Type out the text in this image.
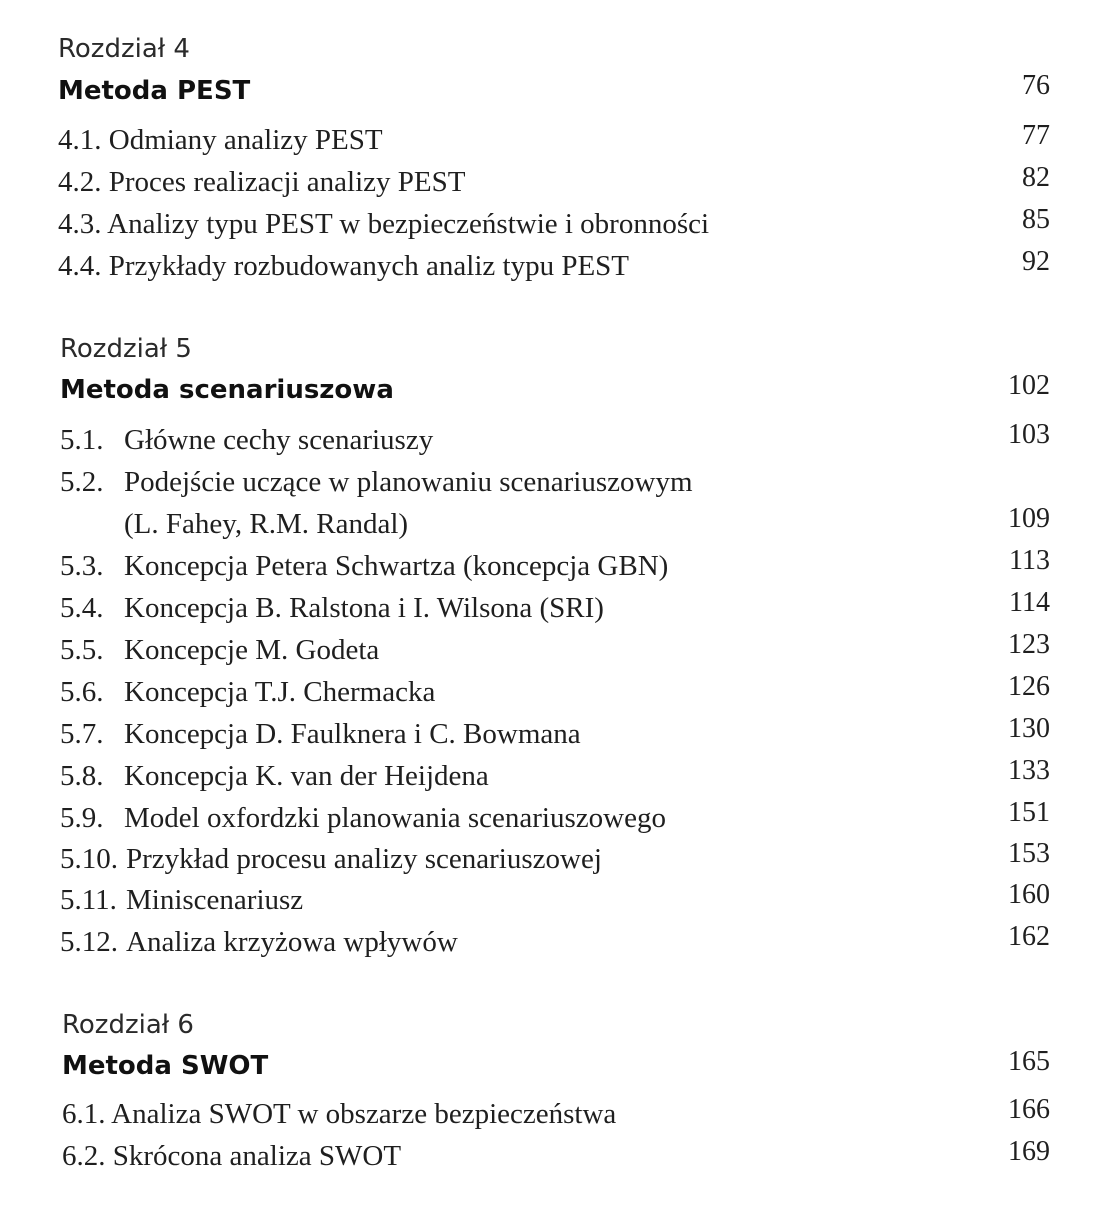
Rozdział 4
Metoda PEST	76
4.1. Odmiany analizy PEST	77
4.2. Proces realizacji analizy PEST	82
4.3. Analizy typu PEST w bezpieczeństwie i obronności	85
4.4. Przykłady rozbudowanych analiz typu PEST	92
Rozdział 5
Metoda scenariuszowa	102
5.1. Główne cechy scenariuszy	103
5.2. Podejście uczące w planowaniu scenariuszowym
(L. Fahey, R.M. Randal)	109
5.3. Koncepcja Petera Schwartza (koncepcja GBN)	113
5.4. Koncepcja B. Ralstona i I. Wilsona (SRI)	114
5.5. Koncepcje M. Godeta	123
5.6. Koncepcja T.J. Chermacka	126
5.7. Koncepcja D. Faulknera i C. Bowmana	130
5.8. Koncepcja K. van der Heijdena	133
5.9. Model oxfordzki planowania scenariuszowego	151
5.10. Przykład procesu analizy scenariuszowej	153
5.11. Miniscenariusz	160
5.12. Analiza krzyżowa wpływów	162
Rozdział 6
Metoda SWOT	165
6.1. Analiza SWOT w obszarze bezpieczeństwa	166
6.2. Skrócona analiza SWOT	169
